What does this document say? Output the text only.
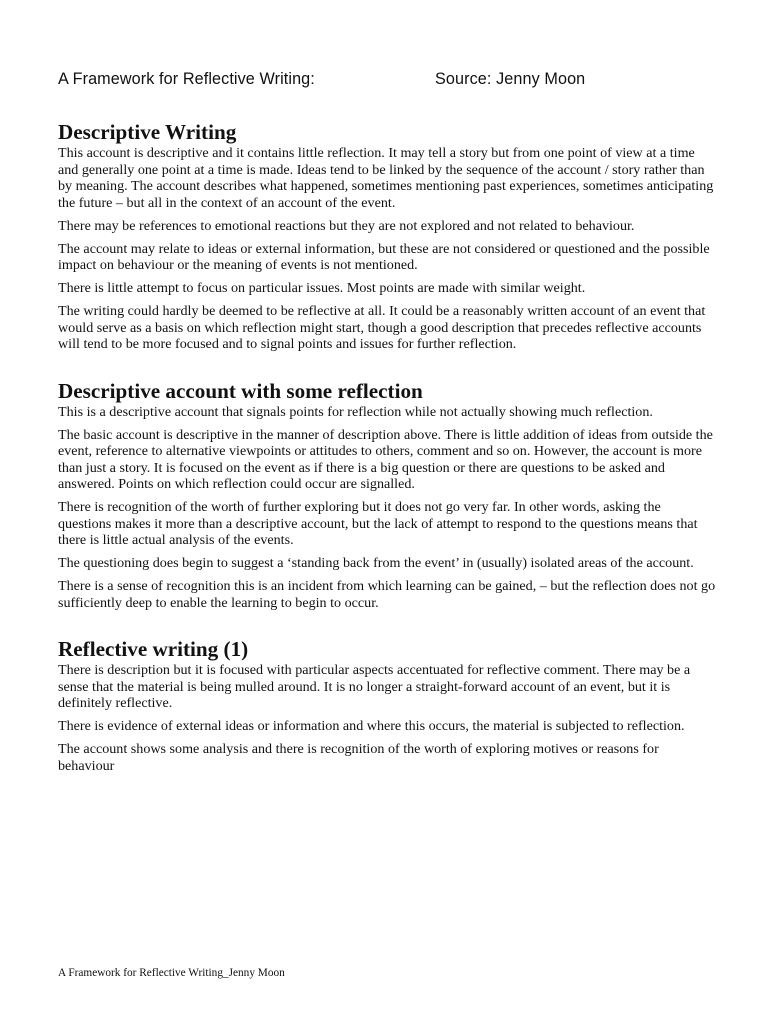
A Framework for Reflective Writing:	Source: Jenny Moon
Descriptive Writing

This account is descriptive and it contains little reflection. It may tell a story but from one point of view at a time and generally one point at a time is made. Ideas tend to be linked by the sequence of the account / story rather than by meaning. The account describes what happened, sometimes mentioning past experiences, sometimes anticipating the future – but all in the context of an account of the event.

There may be references to emotional reactions but they are not explored and not related to behaviour.

The account may relate to ideas or external information, but these are not considered or questioned and the possible impact on behaviour or the meaning of events is not mentioned.

There is little attempt to focus on particular issues. Most points are made with similar weight.

The writing could hardly be deemed to be reflective at all. It could be a reasonably written account of an event that would serve as a basis on which reflection might start, though a good description that precedes reflective accounts will tend to be more focused and to signal points and issues for further reflection.

Descriptive account with some reflection

This is a descriptive account that signals points for reflection while not actually showing much reflection.

The basic account is descriptive in the manner of description above. There is little addition of ideas from outside the event, reference to alternative viewpoints or attitudes to others, comment and so on. However, the account is more than just a story. It is focused on the event as if there is a big question or there are questions to be asked and answered. Points on which reflection could occur are signalled.

There is recognition of the worth of further exploring but it does not go very far. In other words, asking the questions makes it more than a descriptive account, but the lack of attempt to respond to the questions means that there is little actual analysis of the events.

The questioning does begin to suggest a ‘standing back from the event’ in (usually) isolated areas of the account.

There is a sense of recognition this is an incident from which learning can be gained, – but the reflection does not go sufficiently deep to enable the learning to begin to occur.

Reflective writing (1)

There is description but it is focused with particular aspects accentuated for reflective comment. There may be a sense that the material is being mulled around. It is no longer a straight-forward account of an event, but it is definitely reflective.

There is evidence of external ideas or information and where this occurs, the material is subjected to reflection.

The account shows some analysis and there is recognition of the worth of exploring motives or reasons for behaviour

A Framework for Reflective Writing_Jenny Moon
